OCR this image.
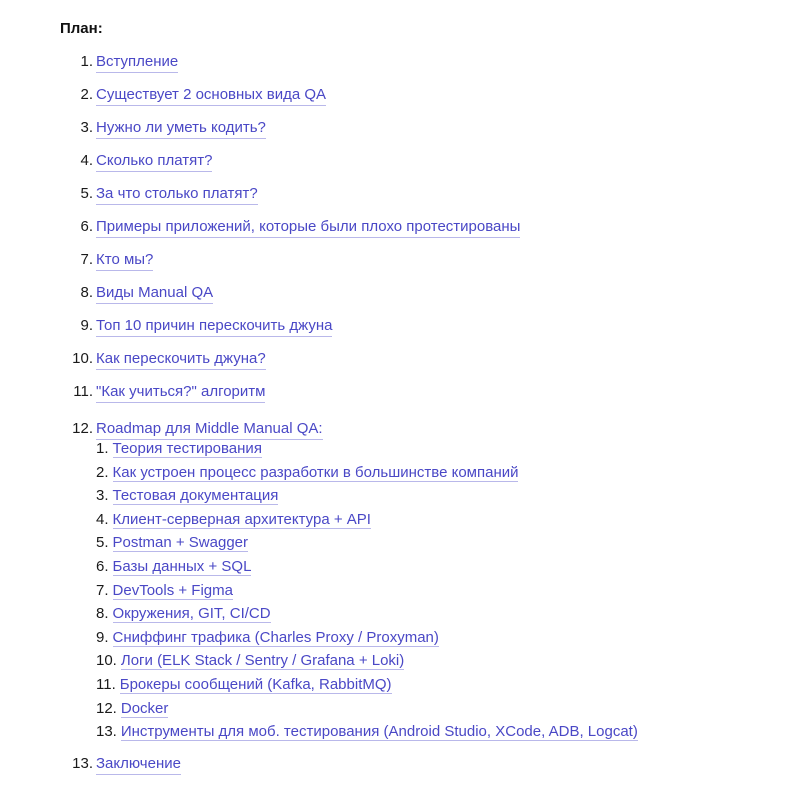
План:
1. Вступление
2. Существует 2 основных вида QA
3. Нужно ли уметь кодить?
4. Сколько платят?
5. За что столько платят?
6. Примеры приложений, которые были плохо протестированы
7. Кто мы?
8. Виды Manual QA
9. Топ 10 причин перескочить джуна
10. Как перескочить джуна?
11. "Как учиться?" алгоритм
12. Roadmap для Middle Manual QA:
1. Теория тестирования
2. Как устроен процесс разработки в большинстве компаний
3. Тестовая документация
4. Клиент-серверная архитектура + API
5. Postman + Swagger
6. Базы данных + SQL
7. DevTools + Figma
8. Окружения, GIT, CI/CD
9. Сниффинг трафика (Charles Proxy / Proxyman)
10. Логи (ELK Stack / Sentry / Grafana + Loki)
11. Брокеры сообщений (Kafka, RabbitMQ)
12. Docker
13. Инструменты для моб. тестирования (Android Studio, XCode, ADB, Logcat)
13. Заключение
